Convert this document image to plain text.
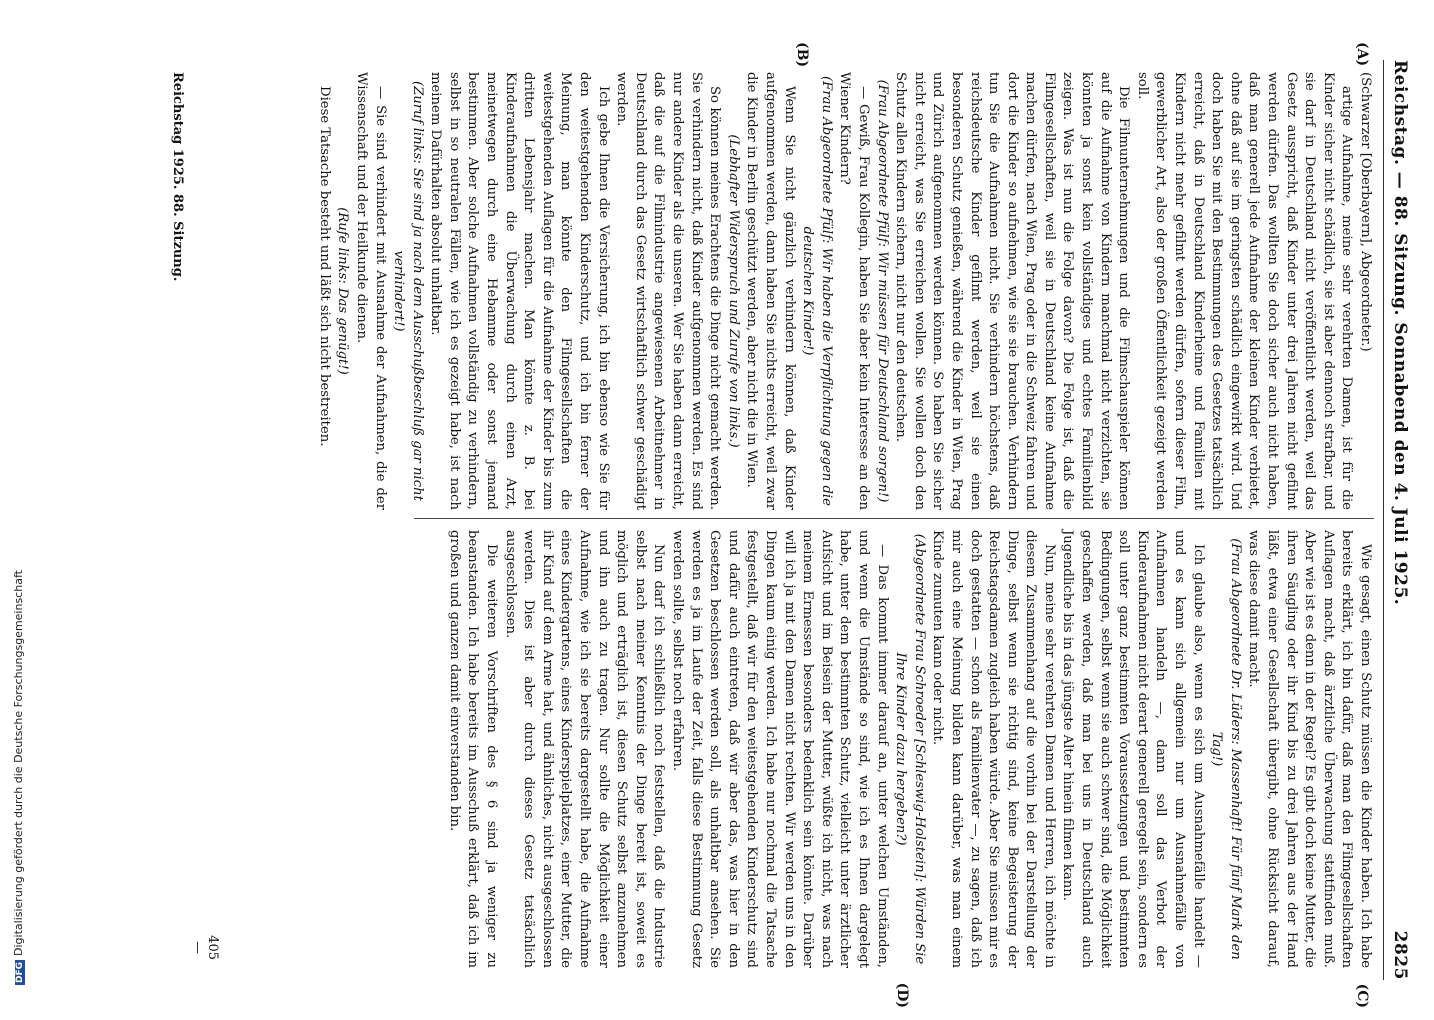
DFGDigitalisierung gefördert durch die Deutsche Forschungsgemeinschaft
Reichstag. — 88. Sitzung. Sonnabend den 4. Juli 1925.
2825
(A)
(B)
(C)
(D)

(Schwarzer [Oberbayern], Abgeordneter.)

artige Aufnahme, meine sehr verehrten Damen, ist für die Kinder sicher nicht schädlich, sie ist aber dennoch strafbar, und sie darf in Deutschland nicht veröffentlicht werden, weil das Gesetz ausspricht, daß Kinder unter drei Jahren nicht gefilmt werden dürfen. Das wollten Sie doch sicher auch nicht haben, daß man generell jede Aufnahme der kleinen Kinder verbietet, ohne daß auf sie im geringsten schädlich eingewirkt wird. Und doch haben Sie mit den Bestimmungen des Gesetzes tatsächlich erreicht, daß in Deutschland Kinderheime und Familien mit Kindern nicht mehr gefilmt werden dürfen, sofern dieser Film, gewerblicher Art, also der großen Öffentlichkeit gezeigt werden soll.

Die Filmunternehmungen und die Filmschauspieler können auf die Aufnahme von Kindern manchmal nicht verzichten, sie könnten ja sonst kein vollständiges und echtes Familienbild zeigen. Was ist nun die Folge davon? Die Folge ist, daß die Filmgesellschaften, weil sie in Deutschland keine Aufnahme machen dürfen, nach Wien, Prag oder in die Schweiz fahren und dort die Kinder so aufnehmen, wie sie sie brauchen. Verhindern tun Sie die Aufnahmen nicht. Sie verhindern höchstens, daß reichsdeutsche Kinder gefilmt werden, weil sie einen besonderen Schutz genießen, während die Kinder in Wien, Prag und Zürich aufgenommen werden können. So haben Sie sicher nicht erreicht, was Sie erreichen wollen. Sie wollen doch den Schutz allen Kindern sichern, nicht nur den deutschen.

(Frau Abgeordnete Pfülf: Wir müssen für Deutschland sorgen!)

— Gewiß, Frau Kollegin, haben Sie aber kein Interesse an den Wiener Kindern?

(Frau Abgeordnete Pfülf: Wir haben die Verpflichtung gegen die deutschen Kinder!)

Wenn Sie nicht gänzlich verhindern können, daß Kinder aufgenommen werden, dann haben Sie nichts erreicht, weil zwar die Kinder in Berlin geschützt werden, aber nicht die in Wien.

(Lebhafter Widerspruch und Zurufe von links.)

So können meines Erachtens die Dinge nicht gemacht werden. Sie verhindern nicht, daß Kinder aufgenommen werden. Es sind nur andere Kinder als die unseren. Wer Sie haben dann erreicht, daß die auf die Filmindustrie angewiesenen Arbeitnehmer in Deutschland durch das Gesetz wirtschaftlich schwer geschädigt werden.

Ich gebe Ihnen die Versicherung, ich bin ebenso wie Sie für den weitestgehenden Kinderschutz, und ich bin ferner der Meinung, man könnte den Filmgesellschaften die weitestgehenden Auflagen für die Aufnahme der Kinder bis zum dritten Lebensjahr machen. Man könnte z. B. bei Kinderaufnahmen die Überwachung durch einen Arzt, meinetwegen durch eine Hebamme oder sonst jemand bestimmen. Aber solche Aufnahmen vollständig zu verhindern, selbst in so neutralen Fällen, wie ich es gezeigt habe, ist nach meinem Dafürhalten absolut unhaltbar.

(Zuruf links: Sie sind ja nach dem Ausschußbeschluß gar nicht verhindert!)

— Sie sind verhindert mit Ausnahme der Aufnahmen, die der Wissenschaft und der Heilkunde dienen.

(Rufe links: Das genügt!)

Diese Tatsache besteht und läßt sich nicht bestreiten.

Wie gesagt, einen Schutz müssen die Kinder haben. Ich habe bereits erklärt, ich bin dafür, daß man den Filmgesellschaften Auflagen macht, daß ärztliche Überwachung stattfinden muß. Aber wie ist es denn in der Regel? Es gibt doch keine Mutter, die ihren Säugling oder ihr Kind bis zu drei Jahren aus der Hand läßt, etwa einer Gesellschaft übergibt, ohne Rücksicht darauf, was diese damit macht.

(Frau Abgeordnete Dr. Lüders: Massenhaft! Für fünf Mark den Tag!)

Ich glaube also, wenn es sich um Ausnahmefälle handelt — und es kann sich allgemein nur um Ausnahmefälle von Aufnahmen handeln —, dann soll das Verbot der Kinderaufnahmen nicht derart generell geregelt sein, sondern es soll unter ganz bestimmten Voraussetzungen und bestimmten Bedingungen, selbst wenn sie auch schwer sind, die Möglichkeit geschaffen werden, daß man bei uns in Deutschland auch Jugendliche bis in das jüngste Alter hinein filmen kann.

Nun, meine sehr verehrten Damen und Herren, ich möchte in diesem Zusammenhang auf die vorhin bei der Darstellung der Dinge, selbst wenn sie richtig sind, keine Begeisterung der Reichstagsdamen zugleich haben würde. Aber Sie müssen mir es doch gestatten — schon als Familienvater —, zu sagen, daß ich mir auch eine Meinung bilden kann darüber, was man einem Kinde zumuten kann oder nicht.

(Abgeordnete Frau Schroeder [Schleswig-Holstein]: Würden Sie Ihre Kinder dazu hergeben?)

— Das kommt immer darauf an, unter welchen Umständen, und wenn die Umstände so sind, wie ich es Ihnen dargelegt habe, unter dem bestimmten Schutz, vielleicht unter ärztlicher Aufsicht und im Beisein der Mutter, wüßte ich nicht, was nach meinem Ermessen besonders bedenklich sein könnte. Darüber will ich ja mit den Damen nicht rechten. Wir werden uns in den Dingen kaum einig werden. Ich habe nur nochmal die Tatsache festgestellt, daß wir für den weitestgehenden Kinderschutz sind und dafür auch eintreten, daß wir aber das, was hier in den Gesetzen beschlossen werden soll, als unhaltbar ansehen. Sie werden es ja im Laufe der Zeit, falls diese Bestimmung Gesetz werden sollte, selbst noch erfahren.

Nun darf ich schließlich noch feststellen, daß die Industrie selbst nach meiner Kenntnis der Dinge bereit ist, soweit es möglich und erträglich ist, diesen Schutz selbst anzunehmen und ihn auch zu tragen. Nur sollte die Möglichkeit einer Aufnahme, wie ich sie bereits dargestellt habe, die Aufnahme eines Kindergartens, eines Kinderspielplatzes, einer Mutter, die ihr Kind auf dem Arme hat, und ähnliches, nicht ausgeschlossen werden. Dies ist aber durch dieses Gesetz tatsächlich ausgeschlossen.

Die weiteren Vorschriften des § 6 sind ja weniger zu beanstanden. Ich habe bereits im Ausschuß erklärt, daß ich im großen und ganzen damit einverstanden bin.

Reichstag 1925. 88. Sitzung.
405
—
